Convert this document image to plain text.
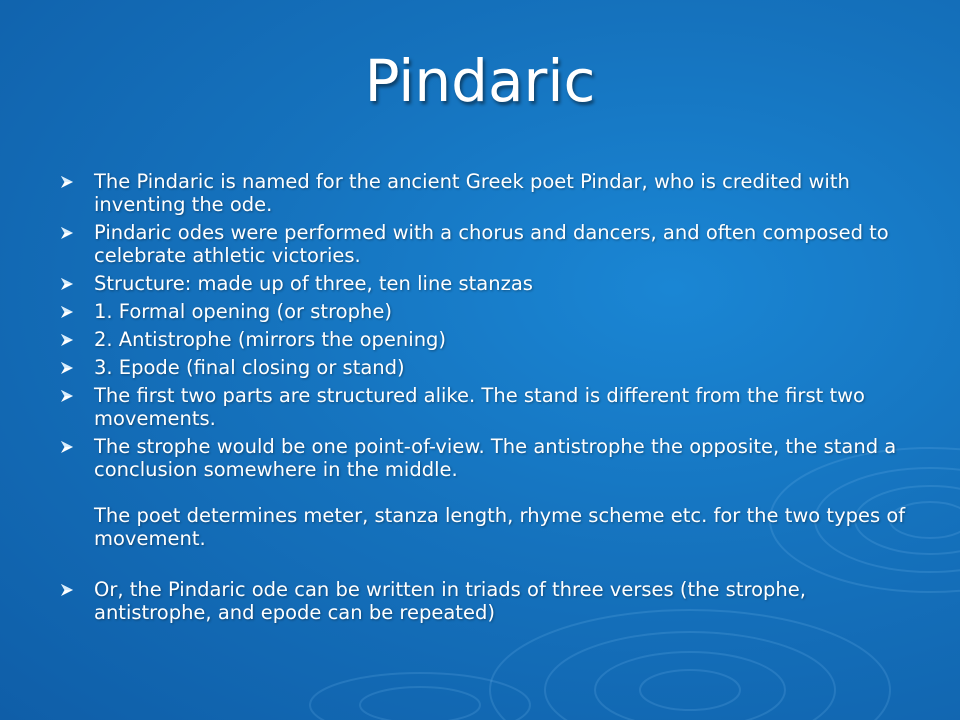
Pindaric
The Pindaric is named for the ancient Greek poet Pindar, who is credited with inventing the ode.
Pindaric odes were performed with a chorus and dancers, and often composed to celebrate athletic victories.
Structure: made up of three, ten line stanzas
1. Formal opening (or strophe)
2. Antistrophe (mirrors the opening)
3. Epode (final closing or stand)
The first two parts are structured alike. The stand is different from the first two movements.
The strophe would be one point-of-view. The antistrophe the opposite, the stand a conclusion somewhere in the middle.
The poet determines meter, stanza length, rhyme scheme etc. for the two types of movement.
Or, the Pindaric ode can be written in triads of three verses (the strophe, antistrophe, and epode can be repeated)
